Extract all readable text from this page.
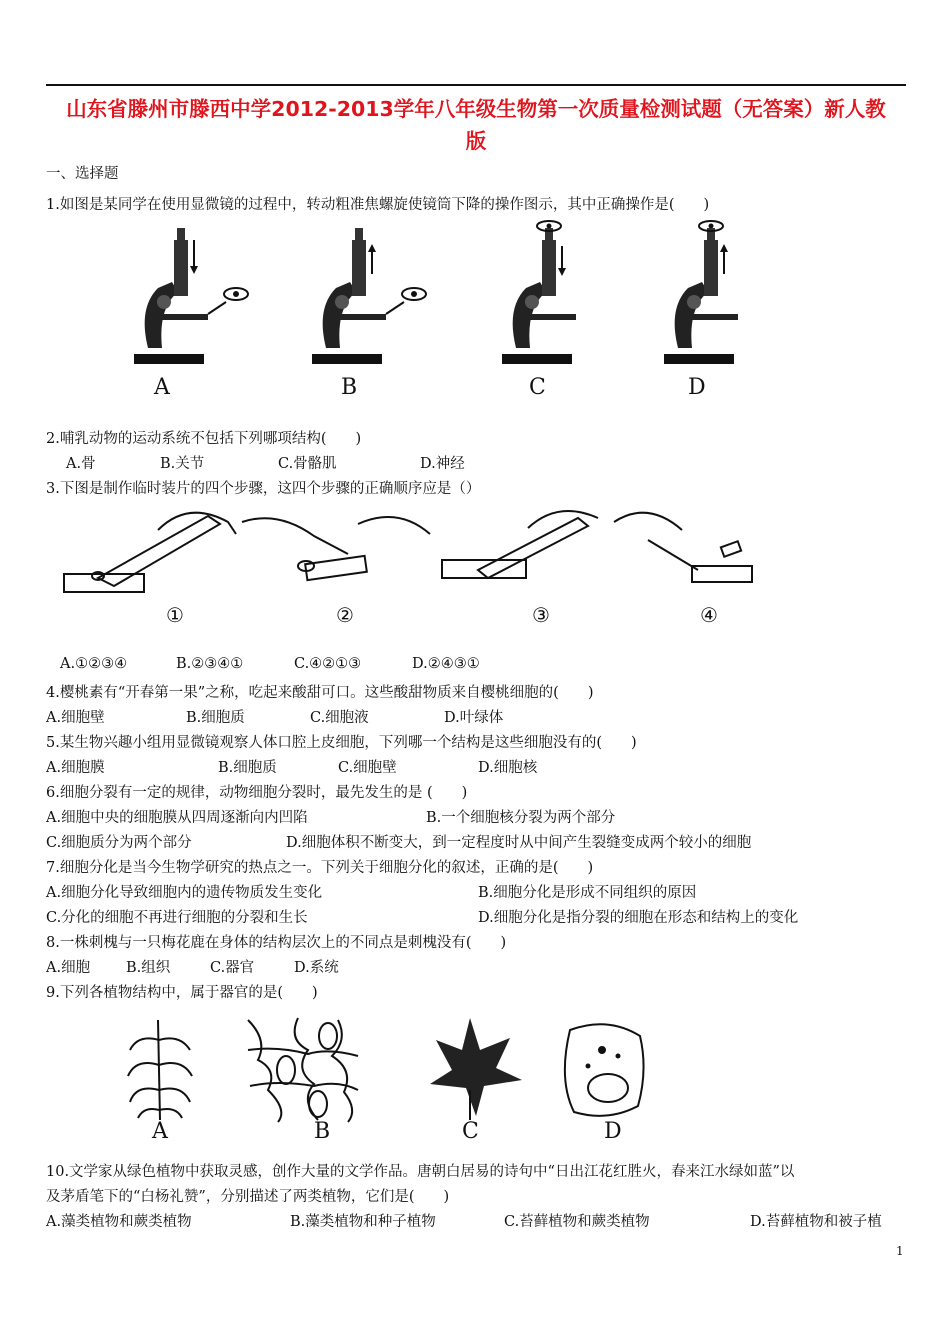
山东省滕州市滕西中学2012-2013学年八年级生物第一次质量检测试题（无答案）新人教
版
一、选择题
1.如图是某同学在使用显微镜的过程中，转动粗准焦螺旋使镜筒下降的操作图示，其中正确操作是(　　)
A	B	C	D
2.哺乳动物的运动系统不包括下列哪项结构(　　)
A.骨	B.关节	C.骨骼肌	D.神经
3.下图是制作临时装片的四个步骤，这四个步骤的正确顺序应是（）
①	②	③	④
A.①②③④	B.②③④①	C.④②①③	D.②④③①
4.樱桃素有“开春第一果”之称，吃起来酸甜可口。这些酸甜物质来自樱桃细胞的(　　)
A.细胞壁	B.细胞质	C.细胞液	D.叶绿体
5.某生物兴趣小组用显微镜观察人体口腔上皮细胞，下列哪一个结构是这些细胞没有的(　　)
A.细胞膜	B.细胞质	C.细胞壁	D.细胞核
6.细胞分裂有一定的规律，动物细胞分裂时，最先发生的是 (　　)
A.细胞中央的细胞膜从四周逐渐向内凹陷	B.一个细胞核分裂为两个部分
C.细胞质分为两个部分	D.细胞体积不断变大，到一定程度时从中间产生裂缝变成两个较小的细胞
7.细胞分化是当今生物学研究的热点之一。下列关于细胞分化的叙述，正确的是(　　)
A.细胞分化导致细胞内的遗传物质发生变化	B.细胞分化是形成不同组织的原因
C.分化的细胞不再进行细胞的分裂和生长	D.细胞分化是指分裂的细胞在形态和结构上的变化
8.一株刺槐与一只梅花鹿在身体的结构层次上的不同点是刺槐没有(　　)
A.细胞 B.组织	C.器官	D.系统
9.下列各植物结构中，属于器官的是(　　)
A	B	C	D
10.文学家从绿色植物中获取灵感，创作大量的文学作品。唐朝白居易的诗句中“日出江花红胜火，春来江水绿如蓝”以
及茅盾笔下的“白杨礼赞”，分别描述了两类植物，它们是(　　)
A.藻类植物和蕨类植物	B.藻类植物和种子植物	C.苔藓植物和蕨类植物	D.苔藓植物和被子植
1
